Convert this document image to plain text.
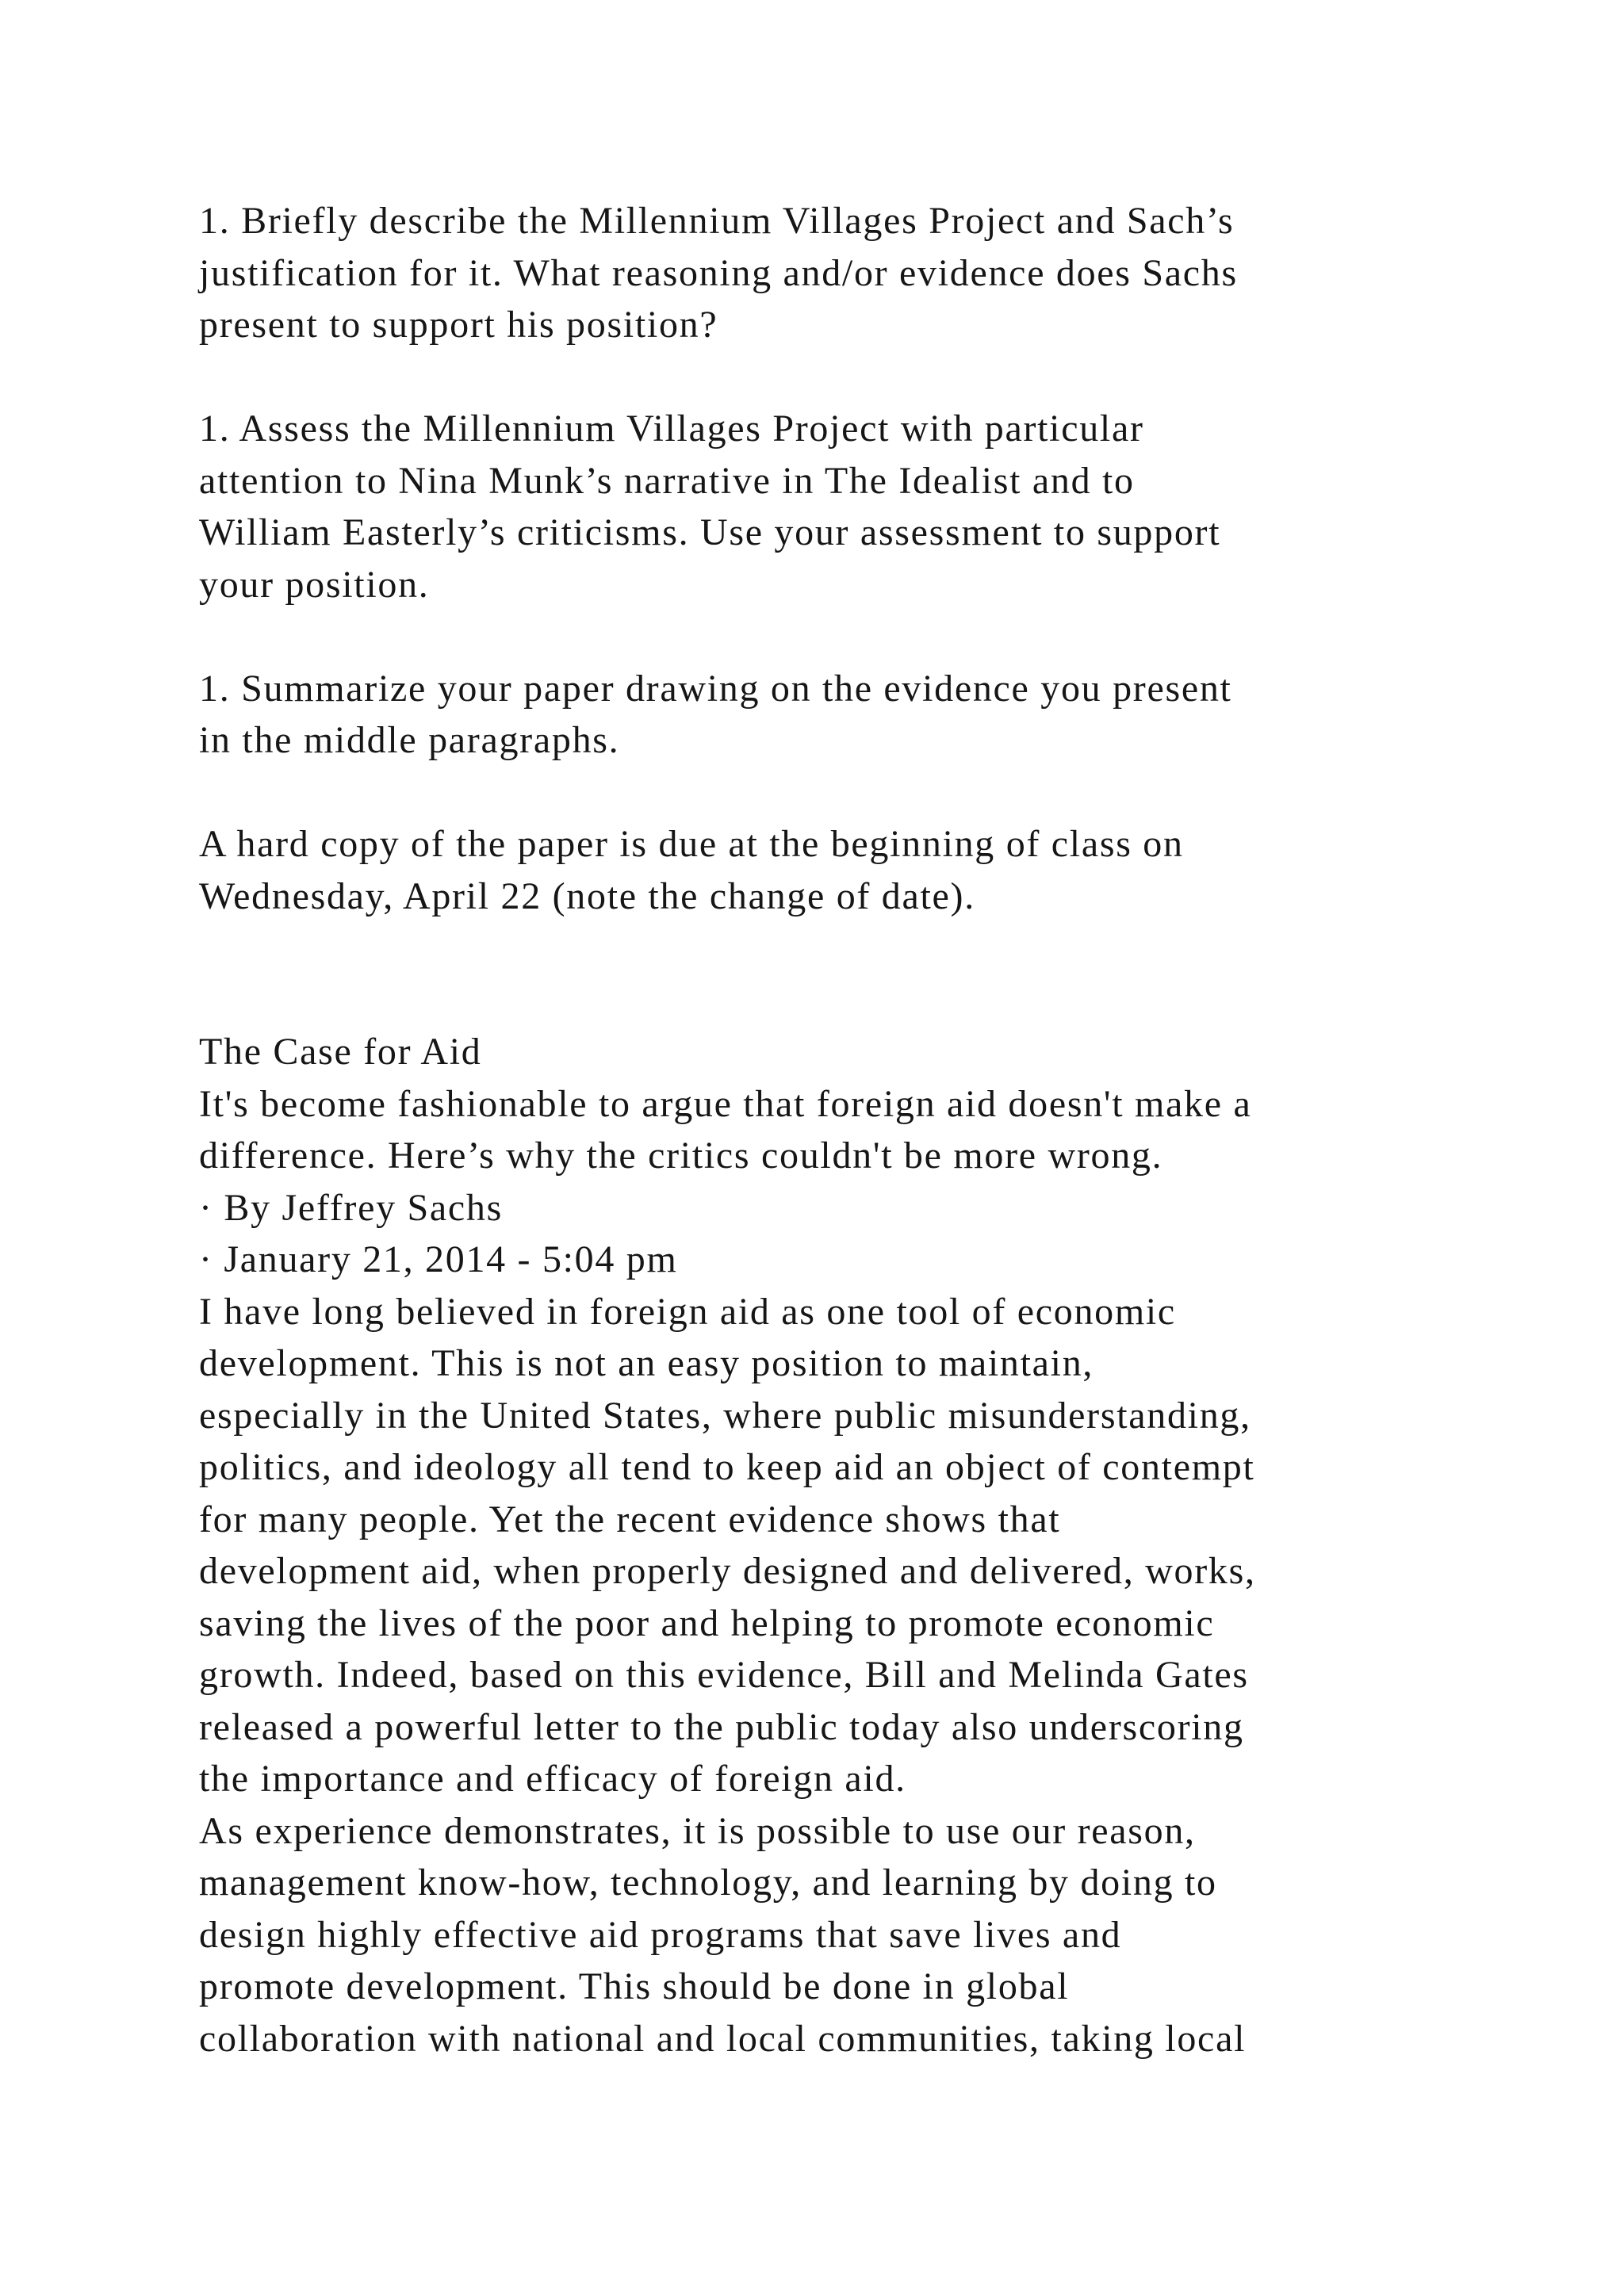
1. Briefly describe the Millennium Villages Project and Sach’s
justification for it. What reasoning and/or evidence does Sachs
present to support his position?
1. Assess the Millennium Villages Project with particular
attention to Nina Munk’s narrative in The Idealist and to
William Easterly’s criticisms. Use your assessment to support
your position.
1. Summarize your paper drawing on the evidence you present
in the middle paragraphs.
A hard copy of the paper is due at the beginning of class on
Wednesday, April 22 (note the change of date).
The Case for Aid
It's become fashionable to argue that foreign aid doesn't make a
difference. Here’s why the critics couldn't be more wrong.
· By Jeffrey Sachs
· January 21, 2014 - 5:04 pm
I have long believed in foreign aid as one tool of economic
development. This is not an easy position to maintain,
especially in the United States, where public misunderstanding,
politics, and ideology all tend to keep aid an object of contempt
for many people. Yet the recent evidence shows that
development aid, when properly designed and delivered, works,
saving the lives of the poor and helping to promote economic
growth. Indeed, based on this evidence, Bill and Melinda Gates
released a powerful letter to the public today also underscoring
the importance and efficacy of foreign aid.
As experience demonstrates, it is possible to use our reason,
management know-how, technology, and learning by doing to
design highly effective aid programs that save lives and
promote development. This should be done in global
collaboration with national and local communities, taking local
